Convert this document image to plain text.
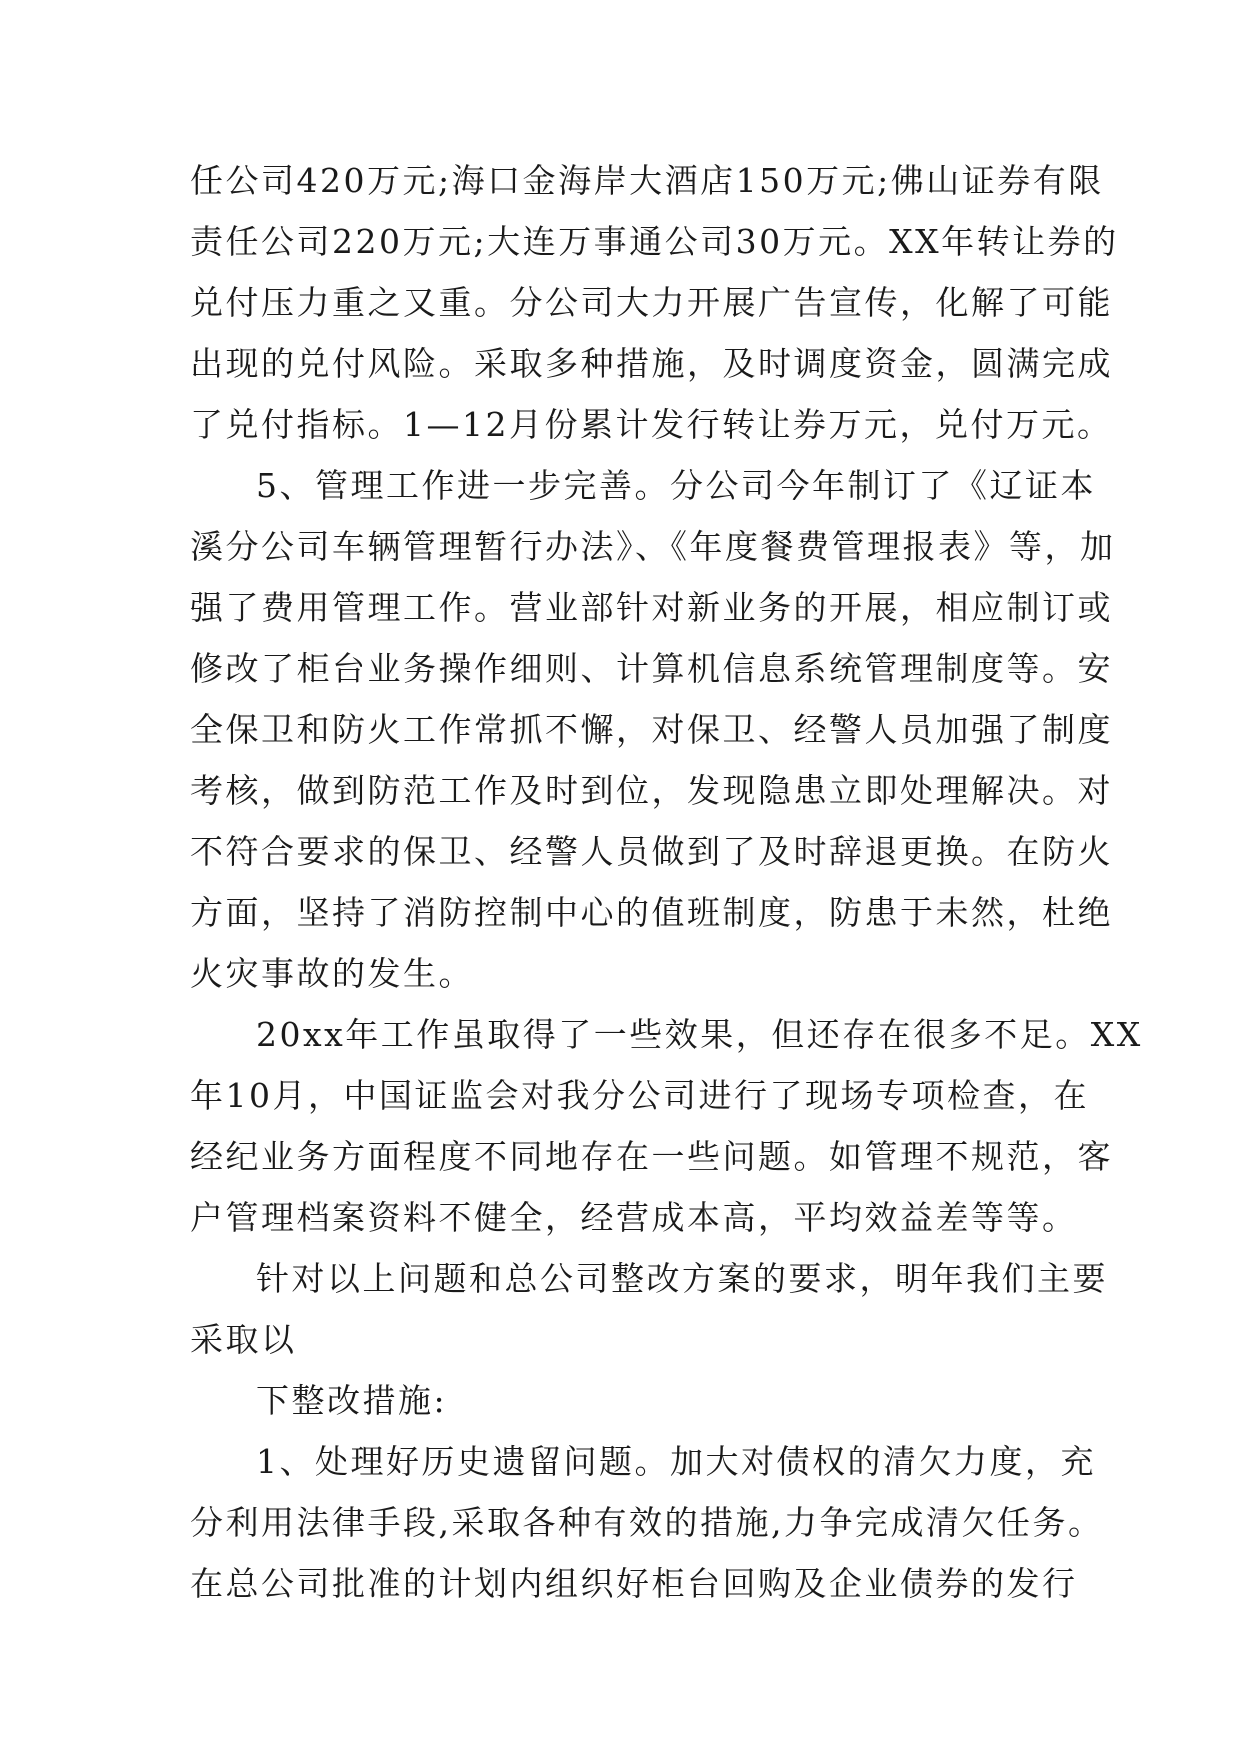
任公司420万元;海口金海岸大酒店150万元;佛山证券有限
责任公司220万元;大连万事通公司30万元。XX年转让券的
兑付压力重之又重。分公司大力开展广告宣传，化解了可能
出现的兑付风险。采取多种措施，及时调度资金，圆满完成
了兑付指标。1—12月份累计发行转让券万元，兑付万元。
5、管理工作进一步完善。分公司今年制订了《辽证本
溪分公司车辆管理暂行办法》、《年度餐费管理报表》等，加
强了费用管理工作。营业部针对新业务的开展，相应制订或
修改了柜台业务操作细则、计算机信息系统管理制度等。安
全保卫和防火工作常抓不懈，对保卫、经警人员加强了制度
考核，做到防范工作及时到位，发现隐患立即处理解决。对
不符合要求的保卫、经警人员做到了及时辞退更换。在防火
方面，坚持了消防控制中心的值班制度，防患于未然，杜绝
火灾事故的发生。
20xx年工作虽取得了一些效果，但还存在很多不足。XX
年10月，中国证监会对我分公司进行了现场专项检查，在
经纪业务方面程度不同地存在一些问题。如管理不规范，客
户管理档案资料不健全，经营成本高，平均效益差等等。
针对以上问题和总公司整改方案的要求，明年我们主要
采取以
下整改措施:
1、处理好历史遗留问题。加大对债权的清欠力度，充
分利用法律手段,采取各种有效的措施,力争完成清欠任务。
在总公司批准的计划内组织好柜台回购及企业债券的发行
